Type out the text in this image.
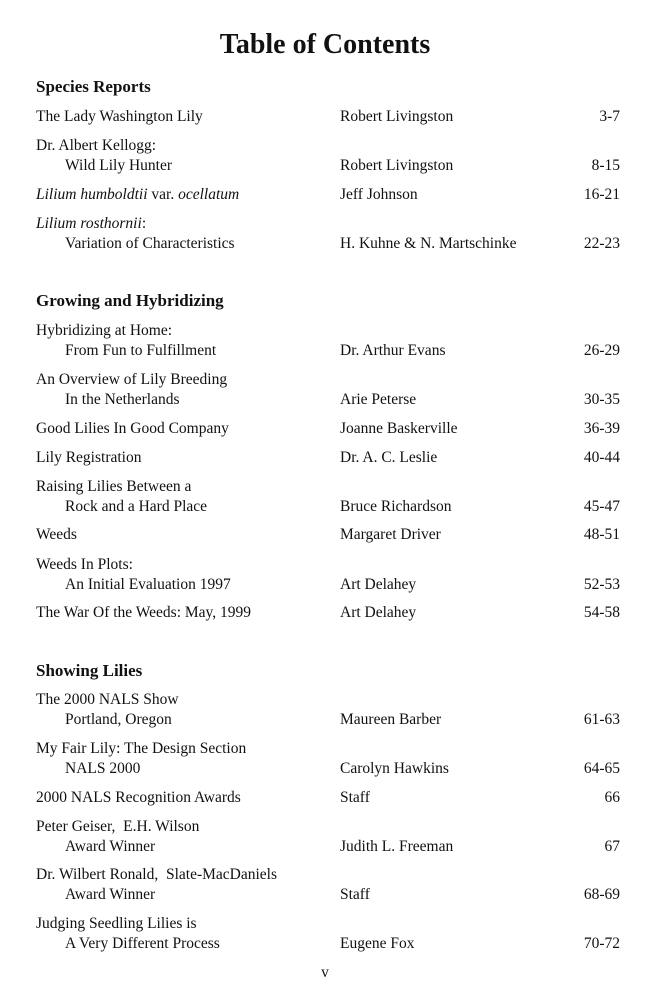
Table of Contents
Species Reports
The Lady Washington Lily	Robert Livingston	3-7
Dr. Albert Kellogg:
Wild Lily Hunter	Robert Livingston	8-15
Lilium humboldtii var. ocellatum	Jeff Johnson	16-21
Lilium rosthornii:
Variation of Characteristics	H. Kuhne & N. Martschinke	22-23
Growing and Hybridizing
Hybridizing at Home:
From Fun to Fulfillment	Dr. Arthur Evans	26-29
An Overview of Lily Breeding
In the Netherlands	Arie Peterse	30-35
Good Lilies In Good Company	Joanne Baskerville	36-39
Lily Registration	Dr. A. C. Leslie	40-44
Raising Lilies Between a
Rock and a Hard Place	Bruce Richardson	45-47
Weeds	Margaret Driver	48-51
Weeds In Plots:
An Initial Evaluation 1997	Art Delahey	52-53
The War Of the Weeds: May, 1999	Art Delahey	54-58
Showing Lilies
The 2000 NALS Show
Portland, Oregon	Maureen Barber	61-63
My Fair Lily: The Design Section
NALS 2000	Carolyn Hawkins	64-65
2000 NALS Recognition Awards	Staff	66
Peter Geiser,  E.H. Wilson
Award Winner	Judith L. Freeman	67
Dr. Wilbert Ronald,  Slate-MacDaniels
Award Winner	Staff	68-69
Judging Seedling Lilies is
A Very Different Process	Eugene Fox	70-72
v
